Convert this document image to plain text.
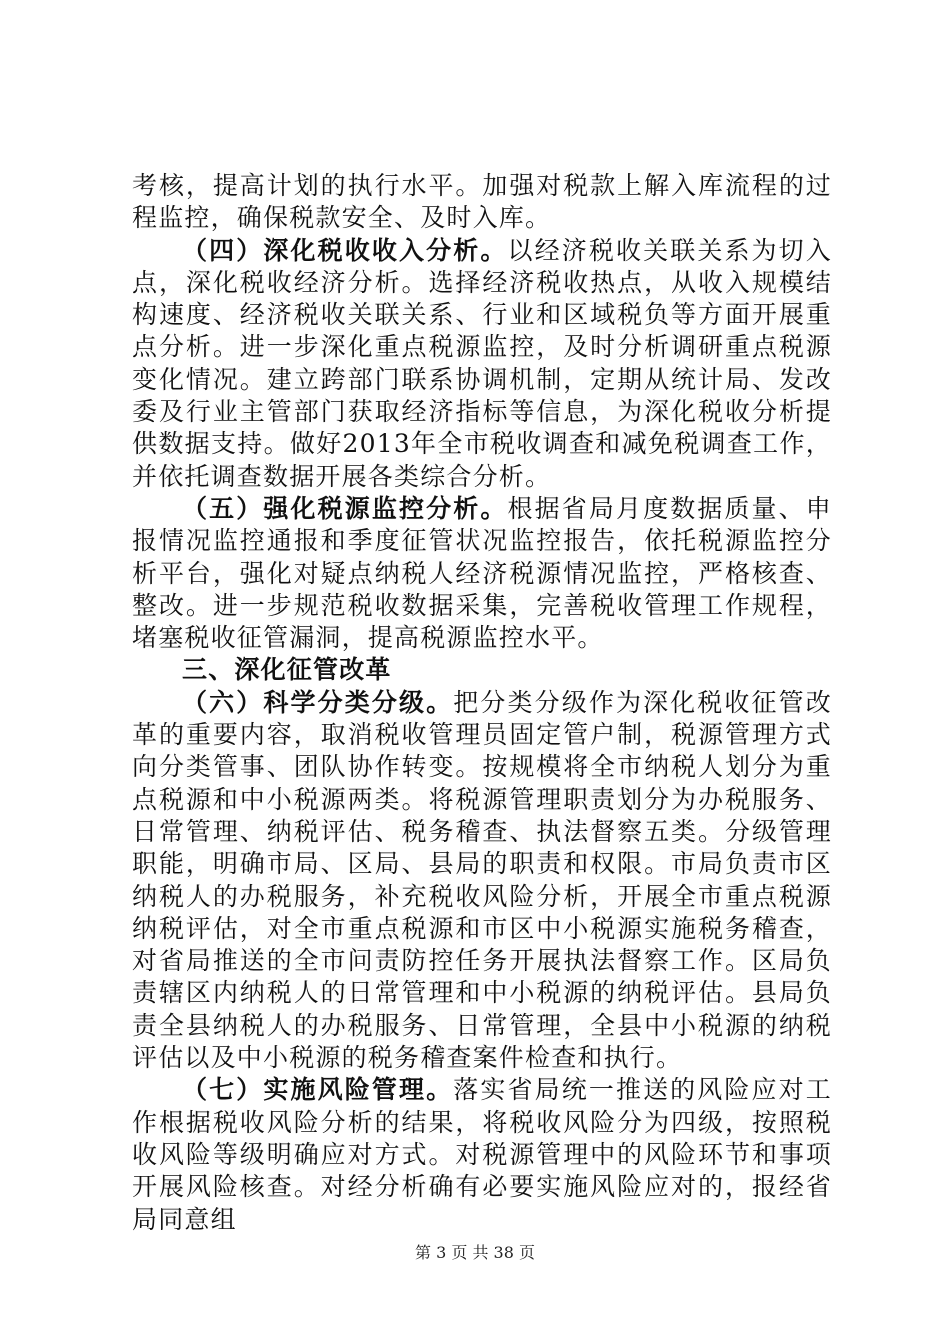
考核，提高计划的执行水平。加强对税款上解入库流程的过程监控，确保税款安全、及时入库。

（四）深化税收收入分析。以经济税收关联关系为切入点，深化税收经济分析。选择经济税收热点，从收入规模结构速度、经济税收关联关系、行业和区域税负等方面开展重点分析。进一步深化重点税源监控，及时分析调研重点税源变化情况。建立跨部门联系协调机制，定期从统计局、发改委及行业主管部门获取经济指标等信息，为深化税收分析提供数据支持。做好2013年全市税收调查和减免税调查工作，并依托调查数据开展各类综合分析。

（五）强化税源监控分析。根据省局月度数据质量、申报情况监控通报和季度征管状况监控报告，依托税源监控分析平台，强化对疑点纳税人经济税源情况监控，严格核查、整改。进一步规范税收数据采集，完善税收管理工作规程，堵塞税收征管漏洞，提高税源监控水平。

三、深化征管改革

（六）科学分类分级。把分类分级作为深化税收征管改革的重要内容，取消税收管理员固定管户制，税源管理方式向分类管事、团队协作转变。按规模将全市纳税人划分为重点税源和中小税源两类。将税源管理职责划分为办税服务、日常管理、纳税评估、税务稽查、执法督察五类。分级管理职能，明确市局、区局、县局的职责和权限。市局负责市区纳税人的办税服务，补充税收风险分析，开展全市重点税源纳税评估，对全市重点税源和市区中小税源实施税务稽查，对省局推送的全市问责防控任务开展执法督察工作。区局负责辖区内纳税人的日常管理和中小税源的纳税评估。县局负责全县纳税人的办税服务、日常管理，全县中小税源的纳税评估以及中小税源的税务稽查案件检查和执行。

（七）实施风险管理。落实省局统一推送的风险应对工作根据税收风险分析的结果，将税收风险分为四级，按照税收风险等级明确应对方式。对税源管理中的风险环节和事项开展风险核查。对经分析确有必要实施风险应对的，报经省局同意组

第 3 页 共 38 页
